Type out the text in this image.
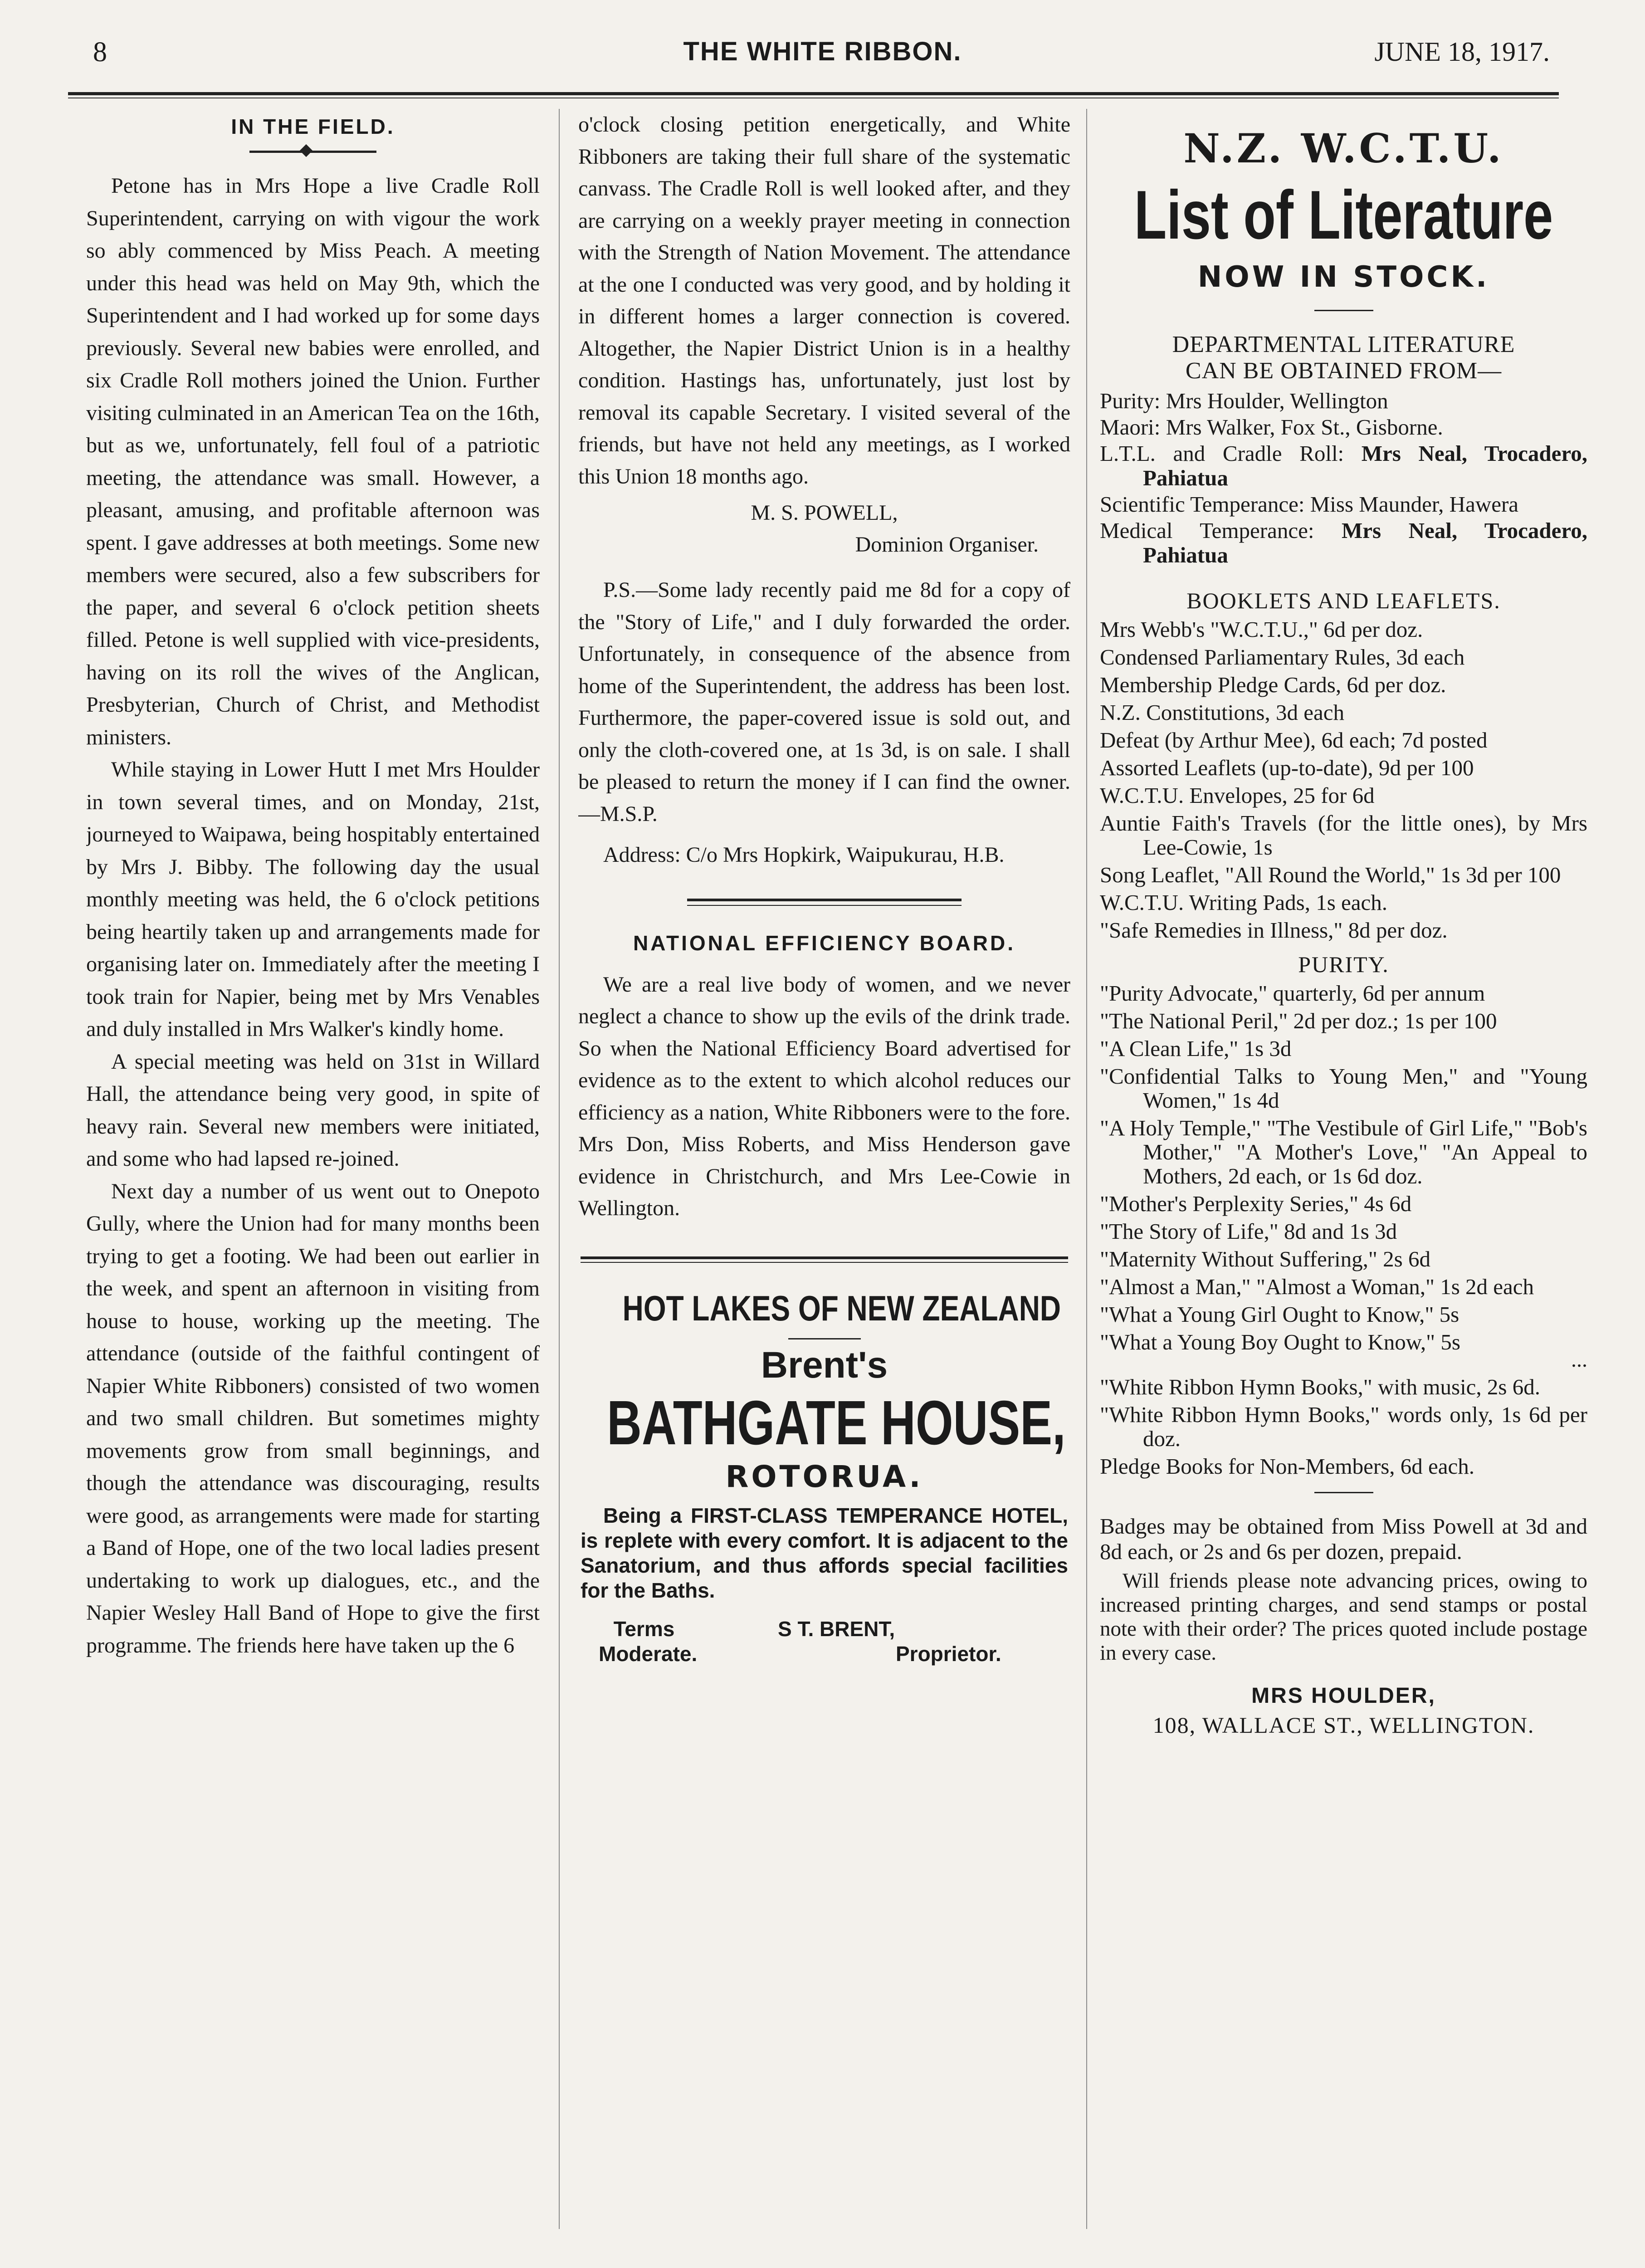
8	THE WHITE RIBBON.	JUNE 18, 1917.
IN THE FIELD.

Petone has in Mrs Hope a live Cradle Roll Superintendent, carrying on with vigour the work so ably commenced by Miss Peach. A meeting under this head was held on May 9th, which the Superintendent and I had worked up for some days previously. Several new babies were enrolled, and six Cradle Roll mothers joined the Union. Further visiting culminated in an American Tea on the 16th, but as we, unfortunately, fell foul of a patriotic meeting, the attendance was small. However, a pleasant, amusing, and profitable afternoon was spent. I gave addresses at both meetings. Some new members were secured, also a few subscribers for the paper, and several 6 o'clock petition sheets filled. Petone is well supplied with vice-presidents, having on its roll the wives of the Anglican, Presbyterian, Church of Christ, and Methodist ministers.

While staying in Lower Hutt I met Mrs Houlder in town several times, and on Monday, 21st, journeyed to Waipawa, being hospitably entertained by Mrs J. Bibby. The following day the usual monthly meeting was held, the 6 o'clock petitions being heartily taken up and arrangements made for organising later on. Immediately after the meeting I took train for Napier, being met by Mrs Venables and duly installed in Mrs Walker's kindly home.

A special meeting was held on 31st in Willard Hall, the attendance being very good, in spite of heavy rain. Several new members were initiated, and some who had lapsed re-joined.

Next day a number of us went out to Onepoto Gully, where the Union had for many months been trying to get a footing. We had been out earlier in the week, and spent an afternoon in visiting from house to house, working up the meeting. The attendance (outside of the faithful contingent of Napier White Ribboners) consisted of two women and two small children. But sometimes mighty movements grow from small beginnings, and though the attendance was discouraging, results were good, as arrangements were made for starting a Band of Hope, one of the two local ladies present undertaking to work up dialogues, etc., and the Napier Wesley Hall Band of Hope to give the first programme. The friends here have taken up the 6

o'clock closing petition energetically, and White Ribboners are taking their full share of the systematic canvass. The Cradle Roll is well looked after, and they are carrying on a weekly prayer meeting in connection with the Strength of Nation Movement. The attendance at the one I conducted was very good, and by holding it in different homes a larger connection is covered. Altogether, the Napier District Union is in a healthy condition. Hastings has, unfortunately, just lost by removal its capable Secretary. I visited several of the friends, but have not held any meetings, as I worked this Union 18 months ago.

M. S. POWELL,
Dominion Organiser.

P.S.—Some lady recently paid me 8d for a copy of the "Story of Life," and I duly forwarded the order. Unfortunately, in consequence of the absence from home of the Superintendent, the address has been lost. Furthermore, the paper-covered issue is sold out, and only the cloth-covered one, at 1s 3d, is on sale. I shall be pleased to return the money if I can find the owner.—M.S.P.

Address: C/o Mrs Hopkirk, Waipukurau, H.B.

NATIONAL EFFICIENCY BOARD.

We are a real live body of women, and we never neglect a chance to show up the evils of the drink trade. So when the National Efficiency Board advertised for evidence as to the extent to which alcohol reduces our efficiency as a nation, White Ribboners were to the fore. Mrs Don, Miss Roberts, and Miss Henderson gave evidence in Christchurch, and Mrs Lee-Cowie in Wellington.

HOT LAKES OF NEW ZEALAND
Brent's
BATHGATE HOUSE,
ROTORUA.

Being a FIRST-CLASS TEMPERANCE HOTEL, is replete with every comfort. It is adjacent to the Sanatorium, and thus affords special facilities for the Baths.

Terms
Moderate.
S T. BRENT,
Proprietor.
N.Z. W.C.T.U.
List of Literature
NOW IN STOCK.
DEPARTMENTAL LITERATURE
CAN BE OBTAINED FROM—

Purity: Mrs Houlder, Wellington

Maori: Mrs Walker, Fox St., Gisborne.

L.T.L. and Cradle Roll: Mrs Neal, Trocadero, Pahiatua

Scientific Temperance: Miss Maunder, Hawera

Medical Temperance: Mrs Neal, Trocadero, Pahiatua

BOOKLETS AND LEAFLETS.

Mrs Webb's "W.C.T.U.," 6d per doz.

Condensed Parliamentary Rules, 3d each

Membership Pledge Cards, 6d per doz.

N.Z. Constitutions, 3d each

Defeat (by Arthur Mee), 6d each; 7d posted

Assorted Leaflets (up-to-date), 9d per 100

W.C.T.U. Envelopes, 25 for 6d

Auntie Faith's Travels (for the little ones), by Mrs Lee-Cowie, 1s

Song Leaflet, "All Round the World," 1s 3d per 100

W.C.T.U. Writing Pads, 1s each.

"Safe Remedies in Illness," 8d per doz.

PURITY.

"Purity Advocate," quarterly, 6d per annum

"The National Peril," 2d per doz.; 1s per 100

"A Clean Life," 1s 3d

"Confidential Talks to Young Men," and "Young Women," 1s 4d

"A Holy Temple," "The Vestibule of Girl Life," "Bob's Mother," "A Mother's Love," "An Appeal to Mothers, 2d each, or 1s 6d doz.

"Mother's Perplexity Series," 4s 6d

"The Story of Life," 8d and 1s 3d

"Maternity Without Suffering," 2s 6d

"Almost a Man," "Almost a Woman," 1s 2d each

"What a Young Girl Ought to Know," 5s

"What a Young Boy Ought to Know," 5s

...

"White Ribbon Hymn Books," with music, 2s 6d.

"White Ribbon Hymn Books," words only, 1s 6d per doz.

Pledge Books for Non-Members, 6d each.

Badges may be obtained from Miss Powell at 3d and 8d each, or 2s and 6s per dozen, prepaid.

Will friends please note advancing prices, owing to increased printing charges, and send stamps or postal note with their order? The prices quoted include postage in every case.

MRS HOULDER,
108, WALLACE ST., WELLINGTON.
